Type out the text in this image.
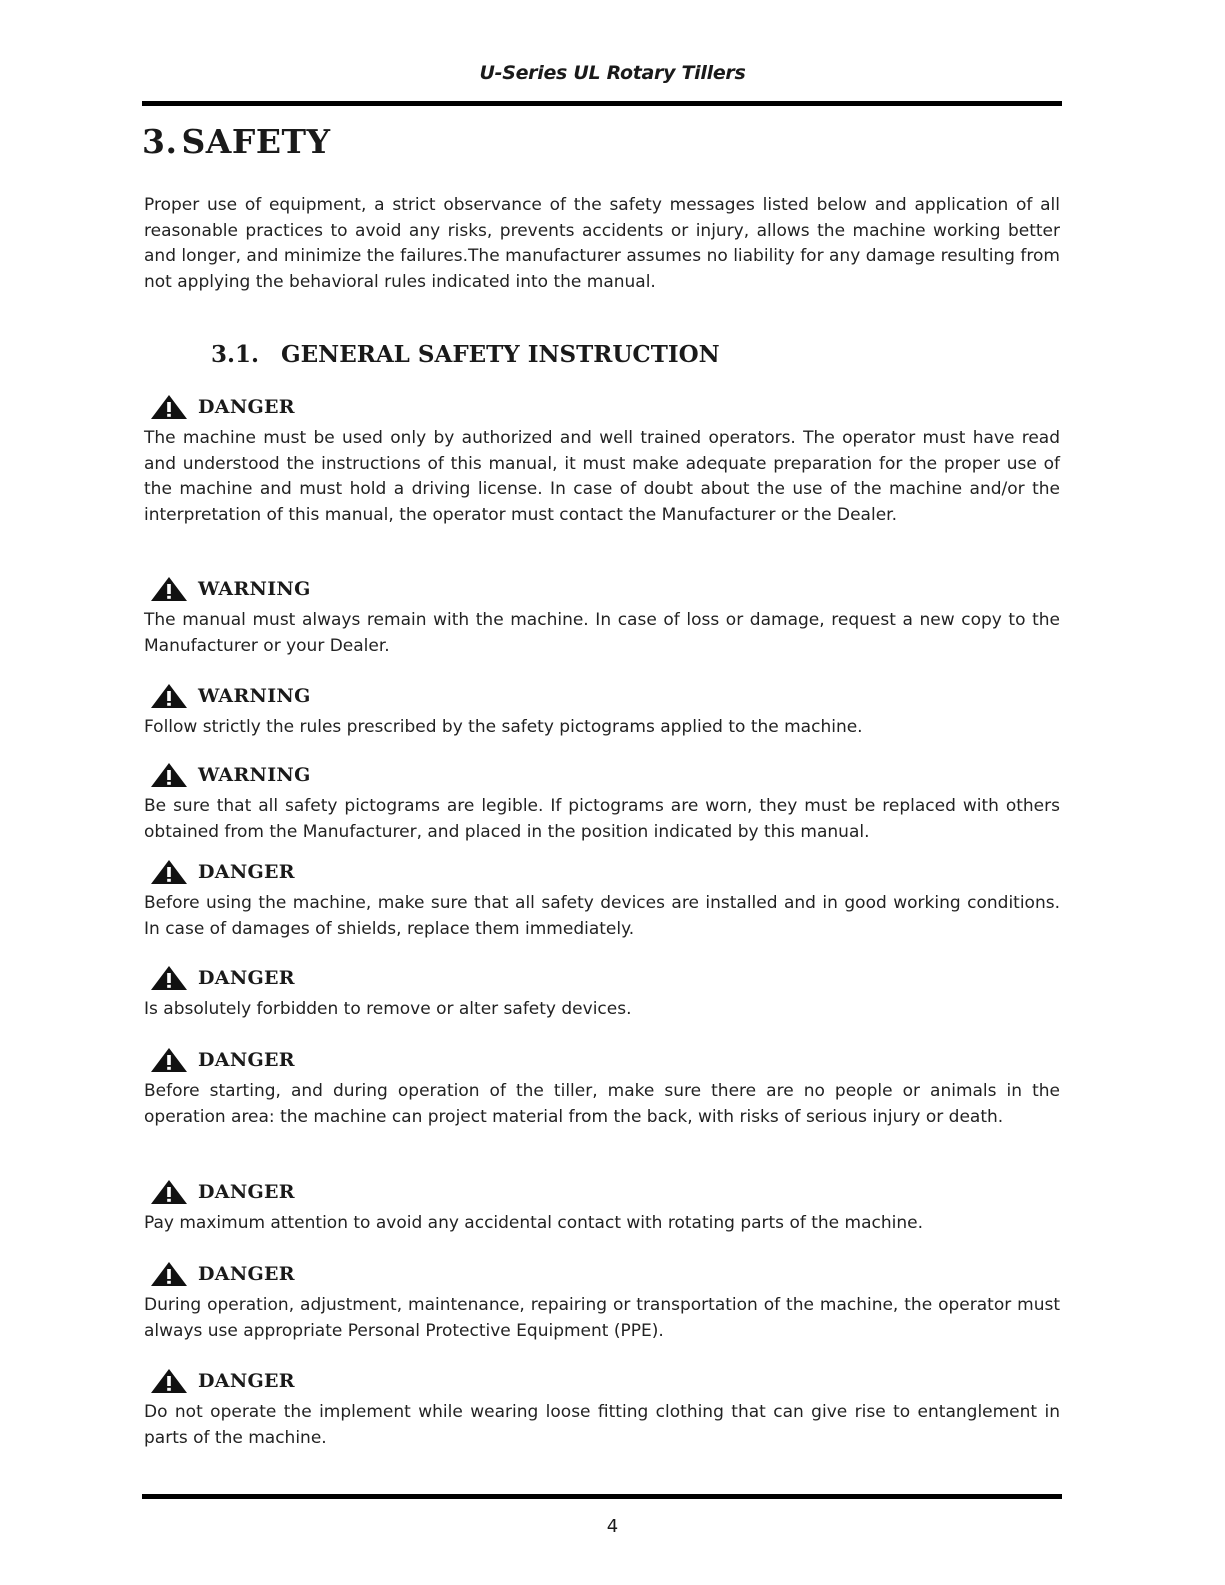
U-Series UL Rotary Tillers
3. SAFETY
Proper use of equipment, a strict observance of the safety messages listed below and application of all reasonable practices to avoid any risks, prevents accidents or injury, allows the machine working better and longer, and minimize the failures.The manufacturer assumes no liability for any damage resulting from not applying the behavioral rules indicated into the manual.
3.1. GENERAL SAFETY INSTRUCTION
DANGER
The machine must be used only by authorized and well trained operators. The operator must have read and understood the instructions of this manual, it must make adequate preparation for the proper use of the machine and must hold a driving license. In case of doubt about the use of the machine and/or the interpretation of this manual, the operator must contact the Manufacturer or the Dealer.
WARNING
The manual must always remain with the machine. In case of loss or damage, request a new copy to the Manufacturer or your Dealer.
WARNING
Follow strictly the rules prescribed by the safety pictograms applied to the machine.
WARNING
Be sure that all safety pictograms are legible. If pictograms are worn, they must be replaced with others obtained from the Manufacturer, and placed in the position indicated by this manual.
DANGER
Before using the machine, make sure that all safety devices are installed and in good working conditions. In case of damages of shields, replace them immediately.
DANGER
Is absolutely forbidden to remove or alter safety devices.
DANGER
Before starting, and during operation of the tiller, make sure there are no people or animals in the operation area: the machine can project material from the back, with risks of serious injury or death.
DANGER
Pay maximum attention to avoid any accidental contact with rotating parts of the machine.
DANGER
During operation, adjustment, maintenance, repairing or transportation of the machine, the operator must always use appropriate Personal Protective Equipment (PPE).
DANGER
Do not operate the implement while wearing loose fitting clothing that can give rise to entanglement in parts of the machine.
4
